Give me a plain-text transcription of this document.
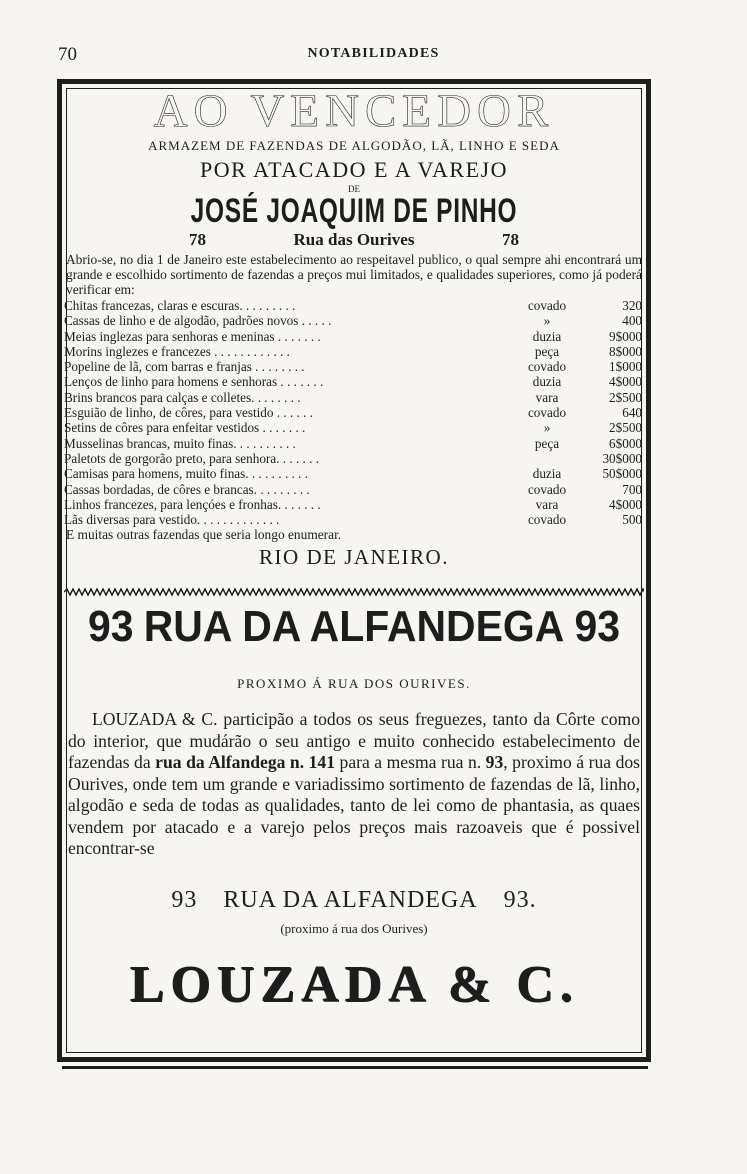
70	NOTABILIDADES
AO VENCEDOR
ARMAZEM DE FAZENDAS DE ALGODÃO, LÃ, LINHO E SEDA
POR ATACADO E A VAREJO
DE
JOSÉ JOAQUIM DE PINHO
78	Rua das Ourives	78
Abrio-se, no dia 1 de Janeiro este estabelecimento ao respeitavel publico, o qual sempre ahi encontrará um grande e escolhido sortimento de fazendas a preços mui limitados, e qualidades superiores, como já poderá verificar em:
Chitas francezas, claras e escuras. . . . . . . . .	covado	320
Cassas de linho e de algodão, padrões novos . . . . .	»	400
Meias inglezas para senhoras e meninas . . . . . . .	duzia	9$000
Morins inglezes e francezes . . . . . . . . . . . .	peça	8$000
Popeline de lã, com barras e franjas . . . . . . . .	covado	1$000
Lenços de linho para homens e senhoras . . . . . . .	duzia	4$000
Brins brancos para calças e colletes. . . . . . . .	vara	2$500
Esguião de linho, de côres, para vestido . . . . . .	covado	640
Setins de côres para enfeitar vestidos . . . . . . .	»	2$500
Musselinas brancas, muito finas. . . . . . . . . .	peça	6$000
Paletots de gorgorão preto, para senhora. . . . . . .		30$000
Camisas para homens, muito finas. . . . . . . . . .	duzia	50$000
Cassas bordadas, de côres e brancas. . . . . . . . .	covado	700
Linhos francezes, para lençóes e fronhas. . . . . . .	vara	4$000
Lãs diversas para vestido. . . . . . . . . . . . .	covado	500
E muitas outras fazendas que seria longo enumerar.
RIO DE JANEIRO.
93 RUA DA ALFANDEGA 93
PROXIMO Á RUA DOS OURIVES.
LOUZADA & C. participão a todos os seus freguezes, tanto da Côrte como do interior, que mudárão o seu antigo e muito conhecido estabelecimento de fazendas da rua da Alfandega n. 141 para a mesma rua n. 93, proximo á rua dos Ourives, onde tem um grande e variadissimo sortimento de fazendas de lã, linho, algodão e seda de todas as qualidades, tanto de lei como de phantasia, as quaes vendem por atacado e a varejo pelos preços mais razoaveis que é possivel encontrar-se
93 RUA DA ALFANDEGA 93.
(proximo á rua dos Ourives)
LOUZADA & C.
